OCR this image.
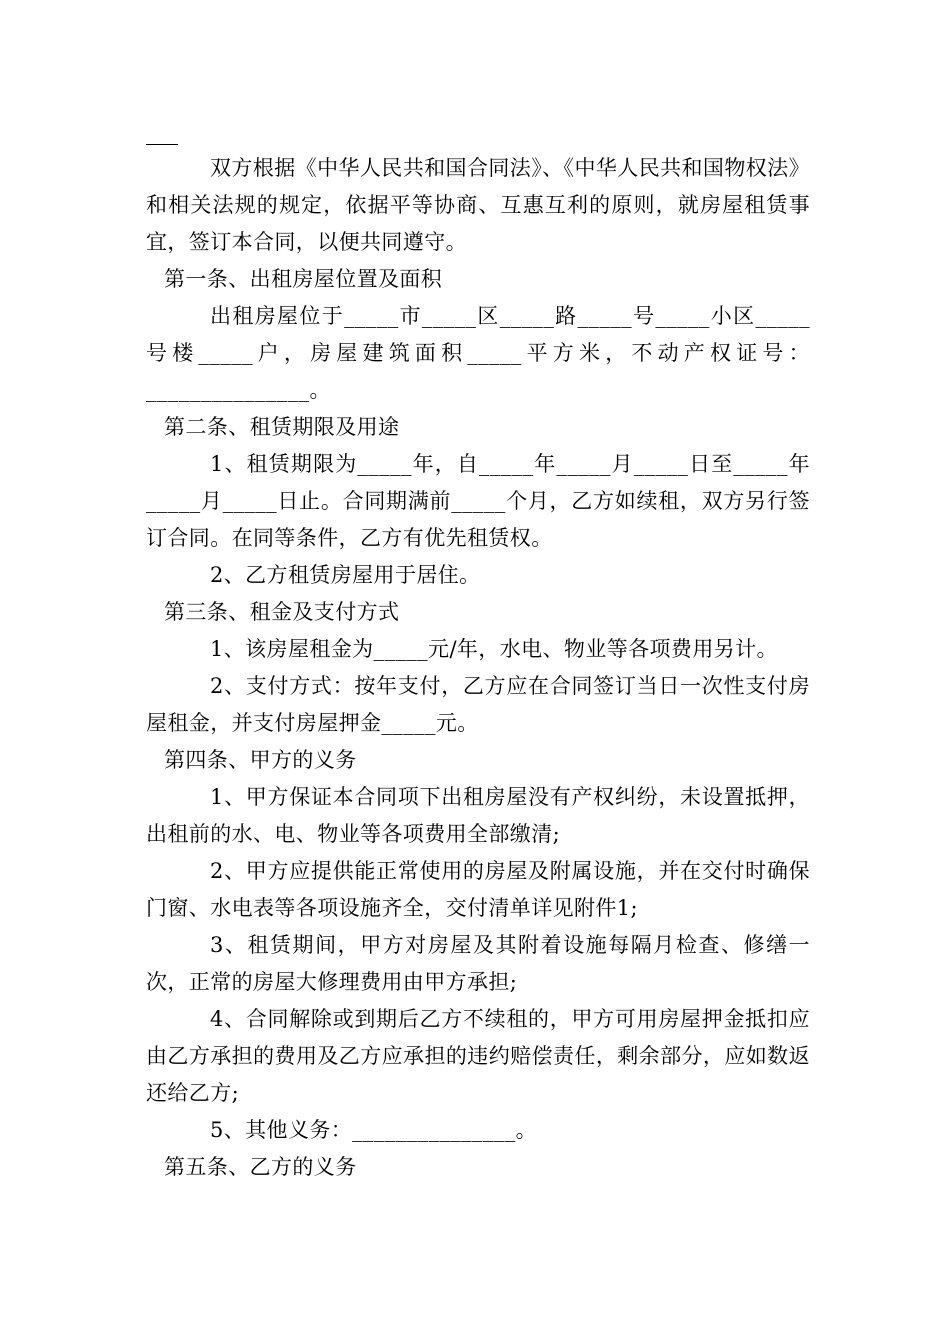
双方根据《中华人民共和国合同法》、《中华人民共和国物权法》和相关法规的规定，依据平等协商、互惠互利的原则，就房屋租赁事宜，签订本合同，以便共同遵守。

第一条、出租房屋位置及面积

出租房屋位于_____市_____区_____路_____号_____小区_____号楼_____户，房屋建筑面积_____平方米，不动产权证号：_______________。

第二条、租赁期限及用途

1、租赁期限为_____年，自_____年_____月_____日至_____年_____月_____日止。合同期满前_____个月，乙方如续租，双方另行签订合同。在同等条件，乙方有优先租赁权。

2、乙方租赁房屋用于居住。

第三条、租金及支付方式

1、该房屋租金为_____元/年，水电、物业等各项费用另计。

2、支付方式：按年支付，乙方应在合同签订当日一次性支付房屋租金，并支付房屋押金_____元。

第四条、甲方的义务

1、甲方保证本合同项下出租房屋没有产权纠纷，未设置抵押，出租前的水、电、物业等各项费用全部缴清;

2、甲方应提供能正常使用的房屋及附属设施，并在交付时确保门窗、水电表等各项设施齐全，交付清单详见附件1;

3、租赁期间，甲方对房屋及其附着设施每隔月检查、修缮一次，正常的房屋大修理费用由甲方承担;

4、合同解除或到期后乙方不续租的，甲方可用房屋押金抵扣应由乙方承担的费用及乙方应承担的违约赔偿责任，剩余部分，应如数返还给乙方;

5、其他义务：_______________。

第五条、乙方的义务
